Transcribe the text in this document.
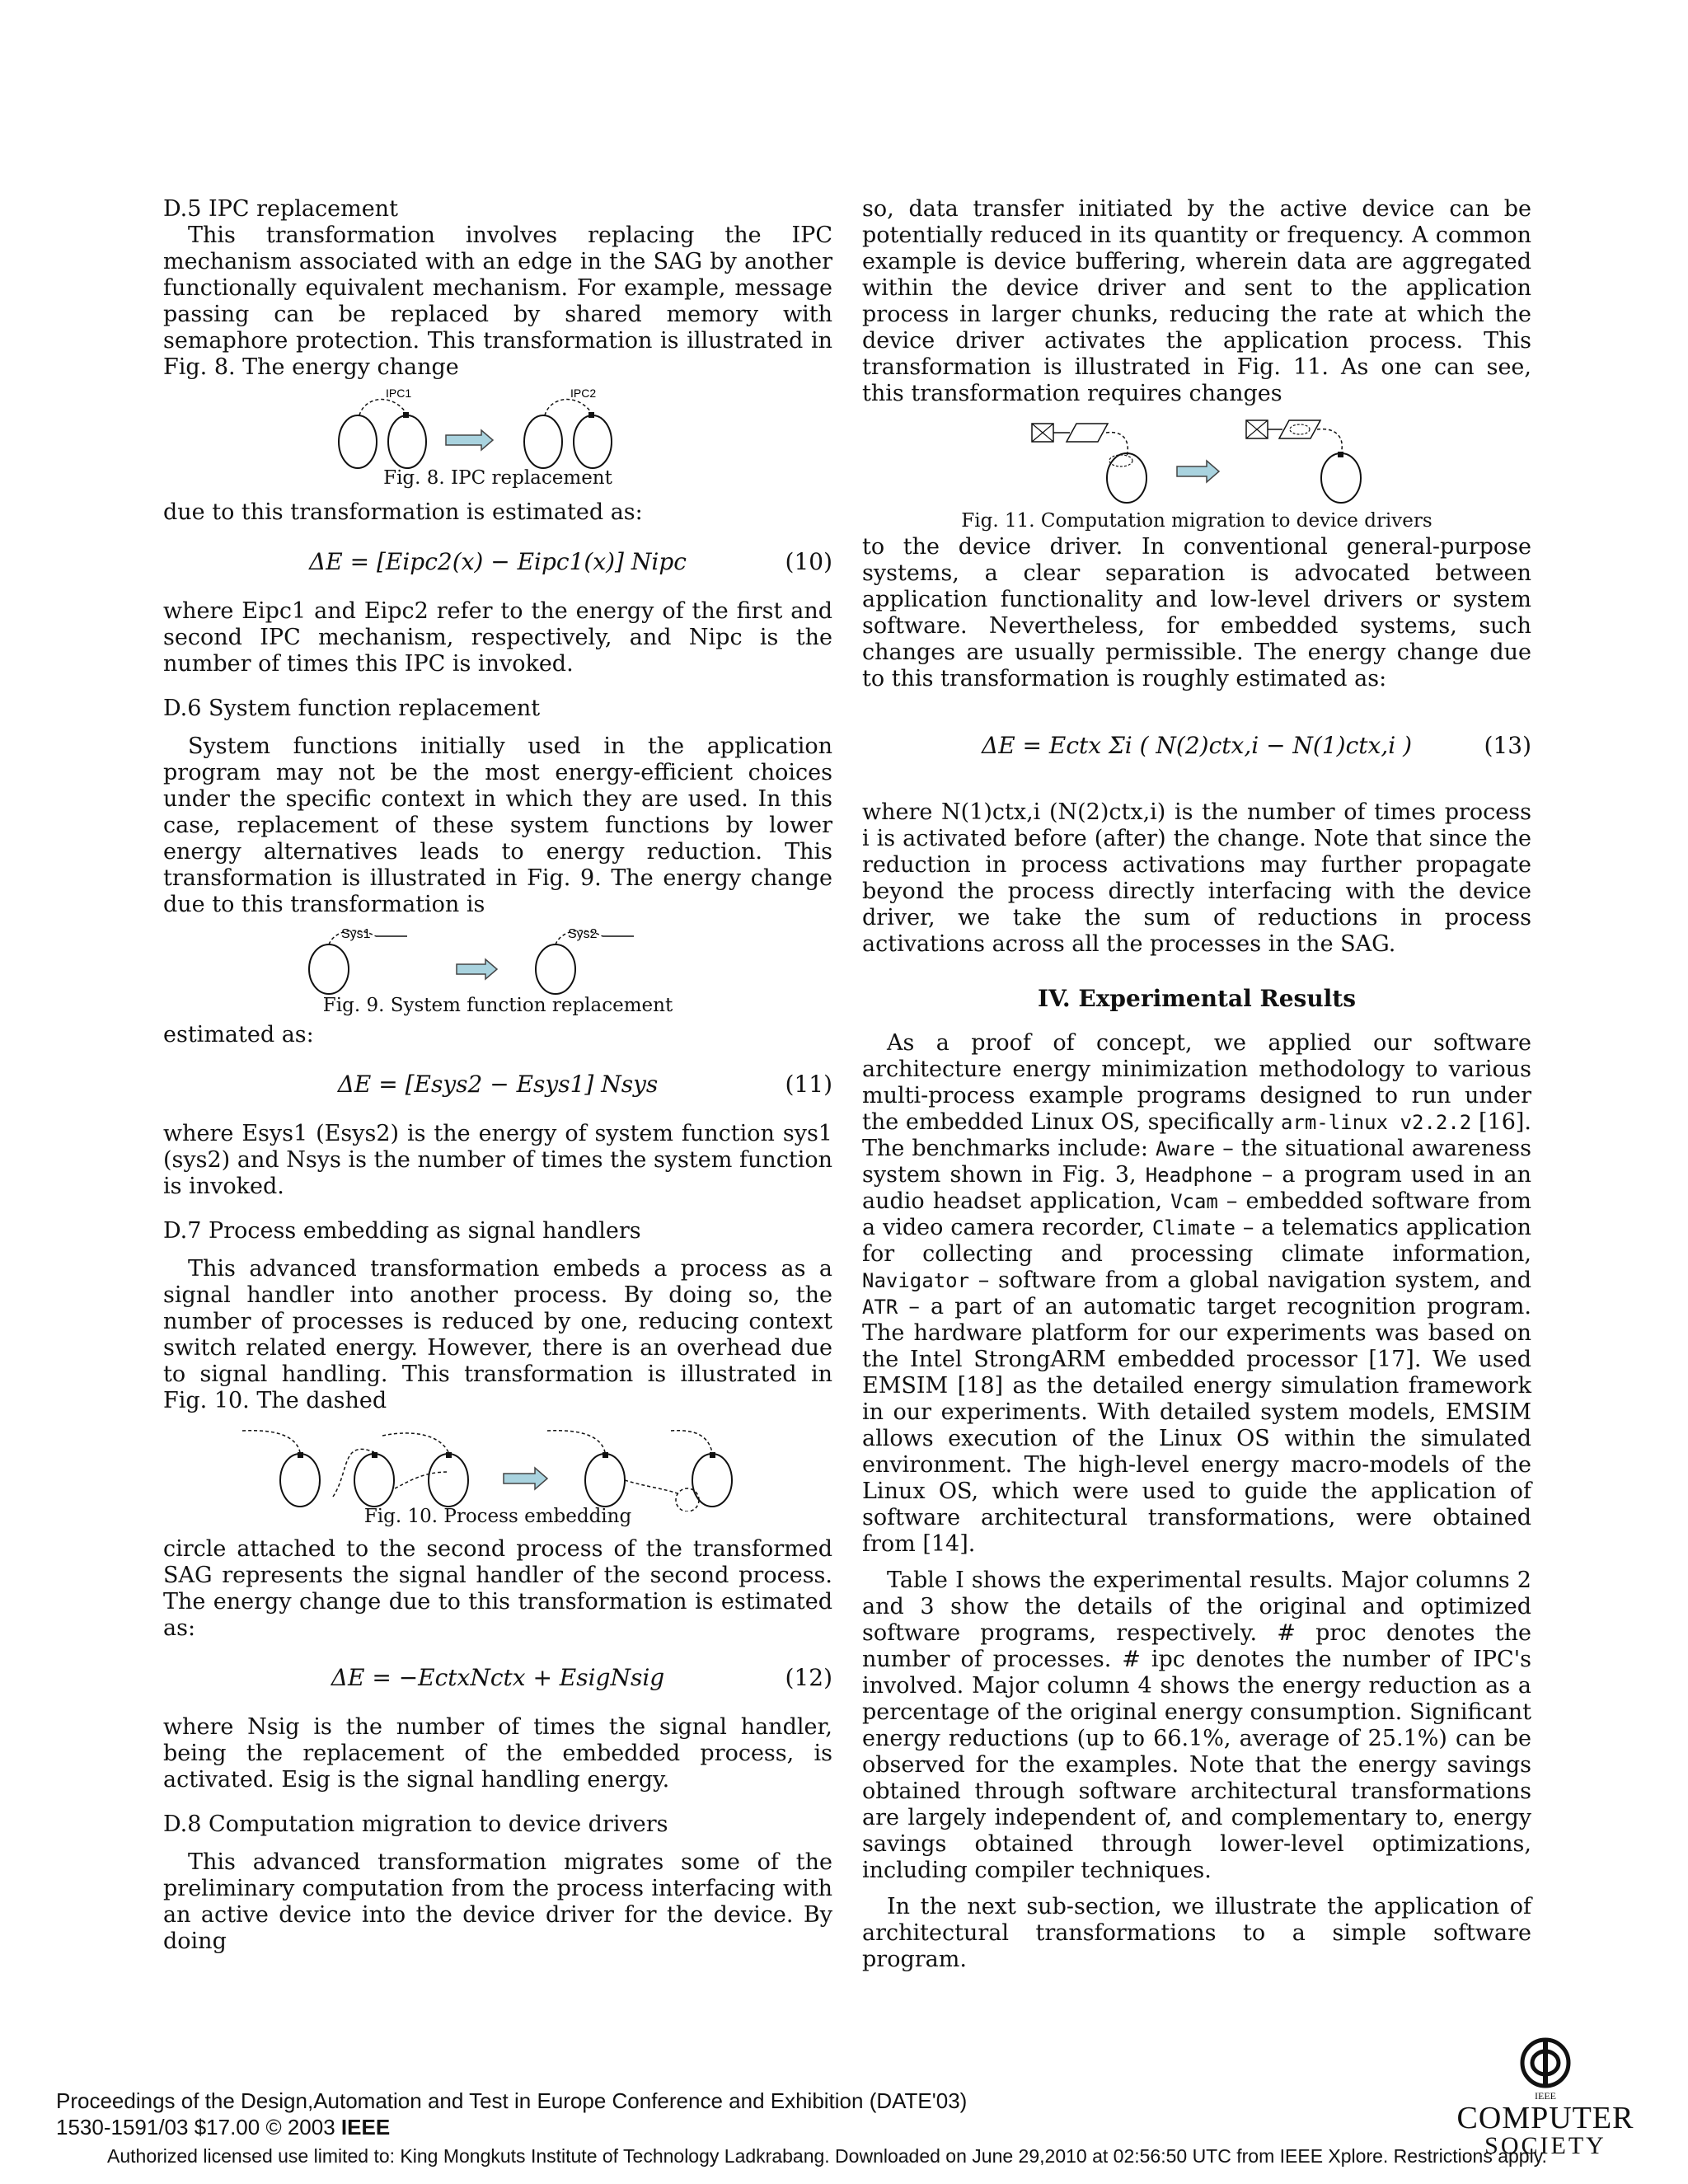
D.5 IPC replacement

This transformation involves replacing the IPC mechanism associated with an edge in the SAG by another functionally equivalent mechanism. For example, message passing can be replaced by shared memory with semaphore protection. This transformation is illustrated in Fig. 8. The energy change

IPC1	IPC2
Fig. 8. IPC replacement

due to this transformation is estimated as:

ΔE = [Eipc2(x) − Eipc1(x)] Nipc	(10)

where Eipc1 and Eipc2 refer to the energy of the first and second IPC mechanism, respectively, and Nipc is the number of times this IPC is invoked.

D.6 System function replacement

System functions initially used in the application program may not be the most energy-efficient choices under the specific context in which they are used. In this case, replacement of these system functions by lower energy alternatives leads to energy reduction. This transformation is illustrated in Fig. 9. The energy change due to this transformation is

Sys1	Sys2
Fig. 9. System function replacement

estimated as:

ΔE = [Esys2 − Esys1] Nsys	(11)

where Esys1 (Esys2) is the energy of system function sys1 (sys2) and Nsys is the number of times the system function is invoked.

D.7 Process embedding as signal handlers

This advanced transformation embeds a process as a signal handler into another process. By doing so, the number of processes is reduced by one, reducing context switch related energy. However, there is an overhead due to signal handling. This transformation is illustrated in Fig. 10. The dashed

Fig. 10. Process embedding

circle attached to the second process of the transformed SAG represents the signal handler of the second process. The energy change due to this transformation is estimated as:

ΔE = −EctxNctx + EsigNsig	(12)

where Nsig is the number of times the signal handler, being the replacement of the embedded process, is activated. Esig is the signal handling energy.

D.8 Computation migration to device drivers

This advanced transformation migrates some of the preliminary computation from the process interfacing with an active device into the device driver for the device. By doing

so, data transfer initiated by the active device can be potentially reduced in its quantity or frequency. A common example is device buffering, wherein data are aggregated within the device driver and sent to the application process in larger chunks, reducing the rate at which the device driver activates the application process. This transformation is illustrated in Fig. 11. As one can see, this transformation requires changes

Fig. 11. Computation migration to device drivers

to the device driver. In conventional general-purpose systems, a clear separation is advocated between application functionality and low-level drivers or system software. Nevertheless, for embedded systems, such changes are usually permissible. The energy change due to this transformation is roughly estimated as:

ΔE = Ectx Σi ( N(2)ctx,i − N(1)ctx,i )	(13)

where N(1)ctx,i (N(2)ctx,i) is the number of times process i is activated before (after) the change. Note that since the reduction in process activations may further propagate beyond the process directly interfacing with the device driver, we take the sum of reductions in process activations across all the processes in the SAG.

IV. Experimental Results

As a proof of concept, we applied our software architecture energy minimization methodology to various multi-process example programs designed to run under the embedded Linux OS, specifically arm-linux v2.2.2 [16]. The benchmarks include: Aware – the situational awareness system shown in Fig. 3, Headphone – a program used in an audio headset application, Vcam – embedded software from a video camera recorder, Climate – a telematics application for collecting and processing climate information, Navigator – software from a global navigation system, and ATR – a part of an automatic target recognition program. The hardware platform for our experiments was based on the Intel StrongARM embedded processor [17]. We used EMSIM [18] as the detailed energy simulation framework in our experiments. With detailed system models, EMSIM allows execution of the Linux OS within the simulated environment. The high-level energy macro-models of the Linux OS, which were used to guide the application of software architectural transformations, were obtained from [14].

Table I shows the experimental results. Major columns 2 and 3 show the details of the original and optimized software programs, respectively. # proc denotes the number of processes. # ipc denotes the number of IPC's involved. Major column 4 shows the energy reduction as a percentage of the original energy consumption. Significant energy reductions (up to 66.1%, average of 25.1%) can be observed for the examples. Note that the energy savings obtained through software architectural transformations are largely independent of, and complementary to, energy savings obtained through lower-level optimizations, including compiler techniques.

In the next sub-section, we illustrate the application of architectural transformations to a simple software program.

Proceedings of the Design,Automation and Test in Europe Conference and Exhibition (DATE'03)
1530-1591/03 $17.00 © 2003 IEEE
Authorized licensed use limited to: King Mongkuts Institute of Technology Ladkrabang. Downloaded on June 29,2010 at 02:56:50 UTC from IEEE Xplore. Restrictions apply.
IEEE
COMPUTER
SOCIETY
